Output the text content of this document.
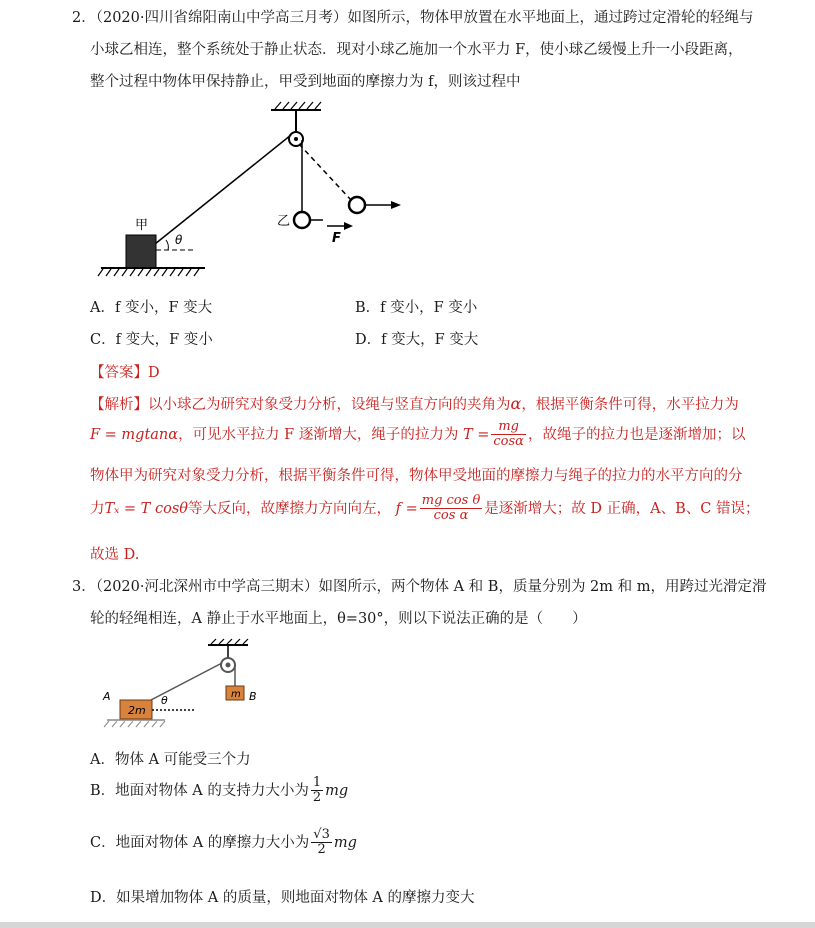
2．（2020·四川省绵阳南山中学高三月考）如图所示，物体甲放置在水平地面上，通过跨过定滑轮的轻绳与
小球乙相连，整个系统处于静止状态．现对小球乙施加一个水平力 F，使小球乙缓慢上升一小段距离，
整个过程中物体甲保持静止，甲受到地面的摩擦力为 f，则该过程中
F
乙
甲
θ
A．f 变小，F 变大	B．f 变小，F 变小
C．f 变大，F 变小	D．f 变大，F 变大
【答案】D
【解析】以小球乙为研究对象受力分析，设绳与竖直方向的夹角为α，根据平衡条件可得，水平拉力为
F = mgtanα，可见水平拉力 F 逐渐增大，绳子的拉力为 $T = \frac{mg}{\cos\alpha}$ ，故绳子的拉力也是逐渐增加；以
物体甲为研究对象受力分析，根据平衡条件可得，物体甲受地面的摩擦力与绳子的拉力的水平方向的分
力Tₓ = T cosθ等大反向，故摩擦力方向向左， $f = \frac{\text{mg cos θ}}{\text{cos α}}$ 是逐渐增大；故 D 正确，A、B、C 错误；
故选 D.
3．（2020·河北深州市中学高三期末）如图所示，两个物体 A 和 B，质量分别为 2m 和 m，用跨过光滑定滑
轮的轻绳相连，A 静止于水平地面上，θ=30°，则以下说法正确的是（　　）
m B
2m
A	θ
A．物体 A 可能受三个力
B．地面对物体 A 的支持力大小为 $\frac{1}{2}$ mg
C．地面对物体 A 的摩擦力大小为 $\frac{√3}{2}$ mg
D．如果增加物体 A 的质量，则地面对物体 A 的摩擦力变大
